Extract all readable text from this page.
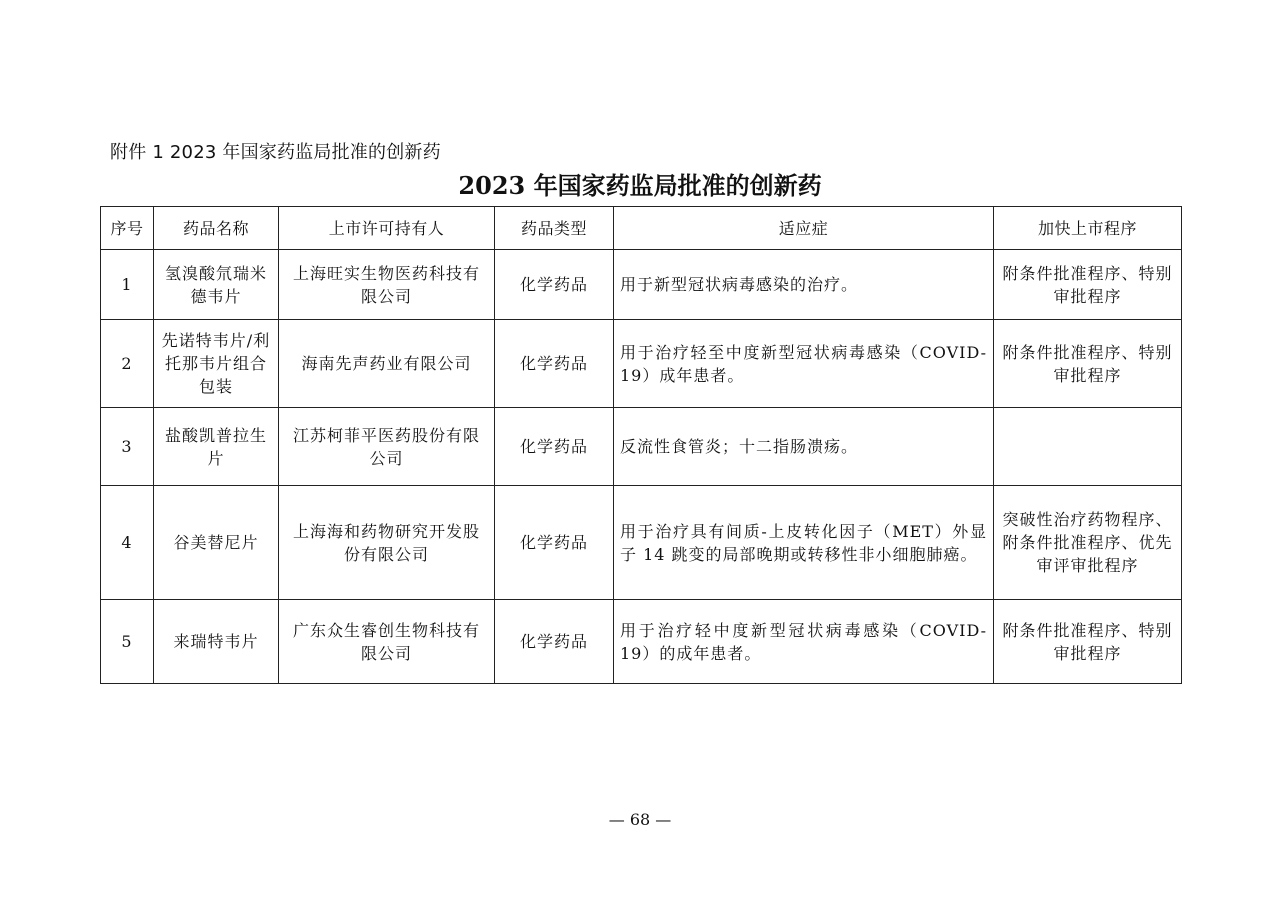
附件 1 2023 年国家药监局批准的创新药
2023 年国家药监局批准的创新药
序号	药品名称	上市许可持有人	药品类型	适应症	加快上市程序
1	氢溴酸氘瑞米德韦片	上海旺实生物医药科技有限公司	化学药品	用于新型冠状病毒感染的治疗。	附条件批准程序、特别审批程序
2	先诺特韦片/利托那韦片组合包装	海南先声药业有限公司	化学药品	用于治疗轻至中度新型冠状病毒感染（COVID-19）成年患者。	附条件批准程序、特别审批程序
3	盐酸凯普拉生片	江苏柯菲平医药股份有限公司	化学药品	反流性食管炎；十二指肠溃疡。	
4	谷美替尼片	上海海和药物研究开发股份有限公司	化学药品	用于治疗具有间质-上皮转化因子（MET）外显子 14 跳变的局部晚期或转移性非小细胞肺癌。	突破性治疗药物程序、附条件批准程序、优先审评审批程序
5	来瑞特韦片	广东众生睿创生物科技有限公司	化学药品	用于治疗轻中度新型冠状病毒感染（COVID-19）的成年患者。	附条件批准程序、特别审批程序
— 68 —
